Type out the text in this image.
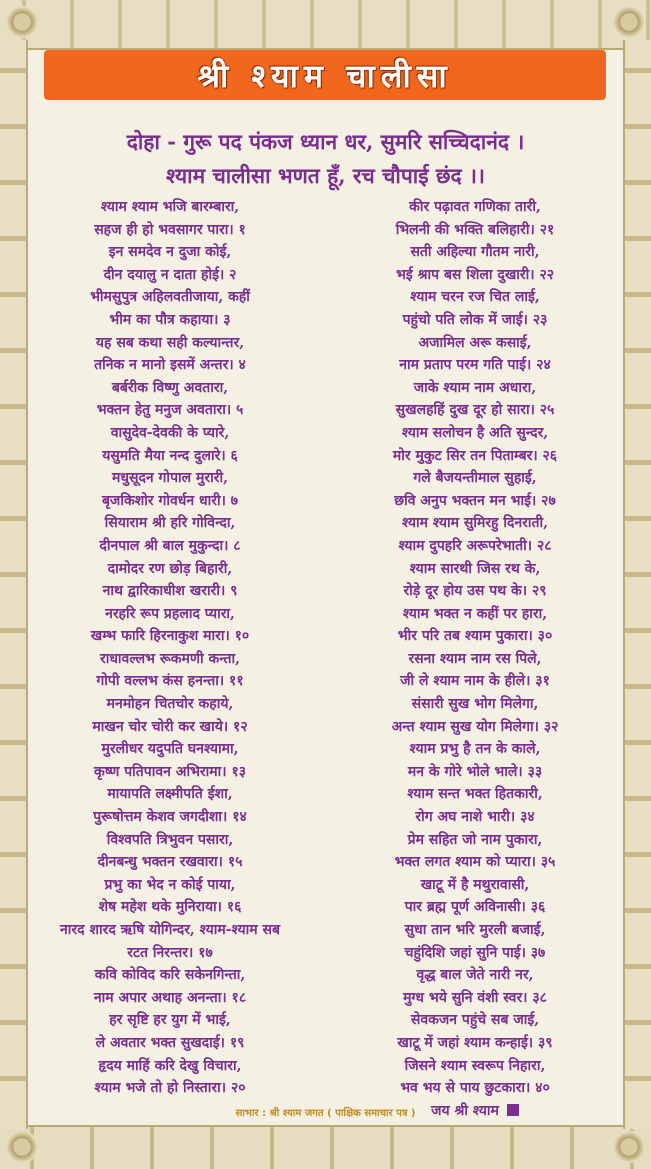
श्री श्याम चालीसा
दोहा - गुरू पद पंकज ध्यान धर, सुमरि सच्चिदानंद ।
श्याम चालीसा भणत हूँ, रच चौपाई छंद ।।
श्याम श्याम भजि बारम्बारा,
सहज ही हो भवसागर पारा। १
इन समदेव न दुजा कोई,
दीन दयालु न दाता होई। २
भीमसुपुत्र अहिलवतीजाया, कहीं
भीम का पौत्र कहाया। ३
यह सब कथा सही कल्यान्तर,
तनिक न मानो इसमें अन्तर। ४
बर्बरीक विष्णु अवतारा,
भक्तन हेतु मनुज अवतारा। ५
वासुदेव-देवकी के प्यारे,
यसुमति मैया नन्द दुलारे। ६
मधुसूदन गोपाल मुरारी,
बृजकिशोर गोवर्धन धारी। ७
सियाराम श्री हरि गोविन्दा,
दीनपाल श्री बाल मुकुन्दा। ८
दामोदर रण छोड़ बिहारी,
नाथ द्वारिकाधीश खरारी। ९
नरहरि रूप प्रहलाद प्यारा,
खम्भ फारि हिरनाकुश मारा। १०
राधावल्लभ रूकमणी कन्ता,
गोपी वल्लभ कंस हनन्ता। ११
मनमोहन चितचोर कहाये,
माखन चोर चोरी कर खाये। १२
मुरलीधर यदुपति घनश्यामा,
कृष्ण पतिपावन अभिरामा। १३
मायापति लक्ष्मीपति ईशा,
पुरूषोत्तम केशव जगदीशा। १४
विश्वपति त्रिभुवन पसारा,
दीनबन्धु भक्तन रखवारा। १५
प्रभु का भेद न कोई पाया,
शेष महेश थके मुनिराया। १६
नारद शारद ऋषि योगिन्दर, श्याम-श्याम सब
रटत निरन्तर। १७
कवि कोविद करि सकेनगिन्ता,
नाम अपार अथाह अनन्ता। १८
हर सृष्टि हर युग में भाई,
ले अवतार भक्त सुखदाई। १९
हृदय माहिं करि देखु विचारा,
श्याम भजे तो हो निस्तारा। २०
कीर पढ़ावत गणिका तारी,
भिलनी की भक्ति बलिहारी। २१
सती अहिल्या गौतम नारी,
भई श्राप बस शिला दुखारी। २२
श्याम चरन रज चित लाई,
पहुंचो पति लोक में जाई। २३
अजामिल अरू कसाई,
नाम प्रताप परम गति पाई। २४
जाके श्याम नाम अधारा,
सुखलहहिं दुख दूर हो सारा। २५
श्याम सलोचन है अति सुन्दर,
मोर मुकुट सिर तन पिताम्बर। २६
गले बैजयन्तीमाल सुहाई,
छवि अनुप भक्तन मन भाई। २७
श्याम श्याम सुमिरहु दिनराती,
श्याम दुपहरि अरूपरेभाती। २८
श्याम सारथी जिस रथ के,
रोड़े दूर होय उस पथ के। २९
श्याम भक्त न कहीं पर हारा,
भीर परि तब श्याम पुकारा। ३०
रसना श्याम नाम रस पिले,
जी ले श्याम नाम के हीले। ३१
संसारी सुख भोग मिलेगा,
अन्त श्याम सुख योग मिलेगा। ३२
श्याम प्रभु है तन के काले,
मन के गोरे भोले भाले। ३३
श्याम सन्त भक्त हितकारी,
रोग अघ नाशे भारी। ३४
प्रेम सहित जो नाम पुकारा,
भक्त लगत श्याम को प्यारा। ३५
खाटू में है मथुरावासी,
पार ब्रह्म पूर्ण अविनासी। ३६
सुधा तान भरि मुरली बजाई,
चहुंदिशि जहां सुनि पाई। ३७
वृद्ध बाल जेते नारी नर,
मुग्ध भये सुनि वंशी स्वर। ३८
सेवकजन पहुंचे सब जाई,
खाटू में जहां श्याम कन्हाई। ३९
जिसने श्याम स्वरूप निहारा,
भव भय से पाय छुटकारा। ४०
जय श्री श्याम
साभार : श्री श्याम जगत ( पाक्षिक समाचार पत्र )
